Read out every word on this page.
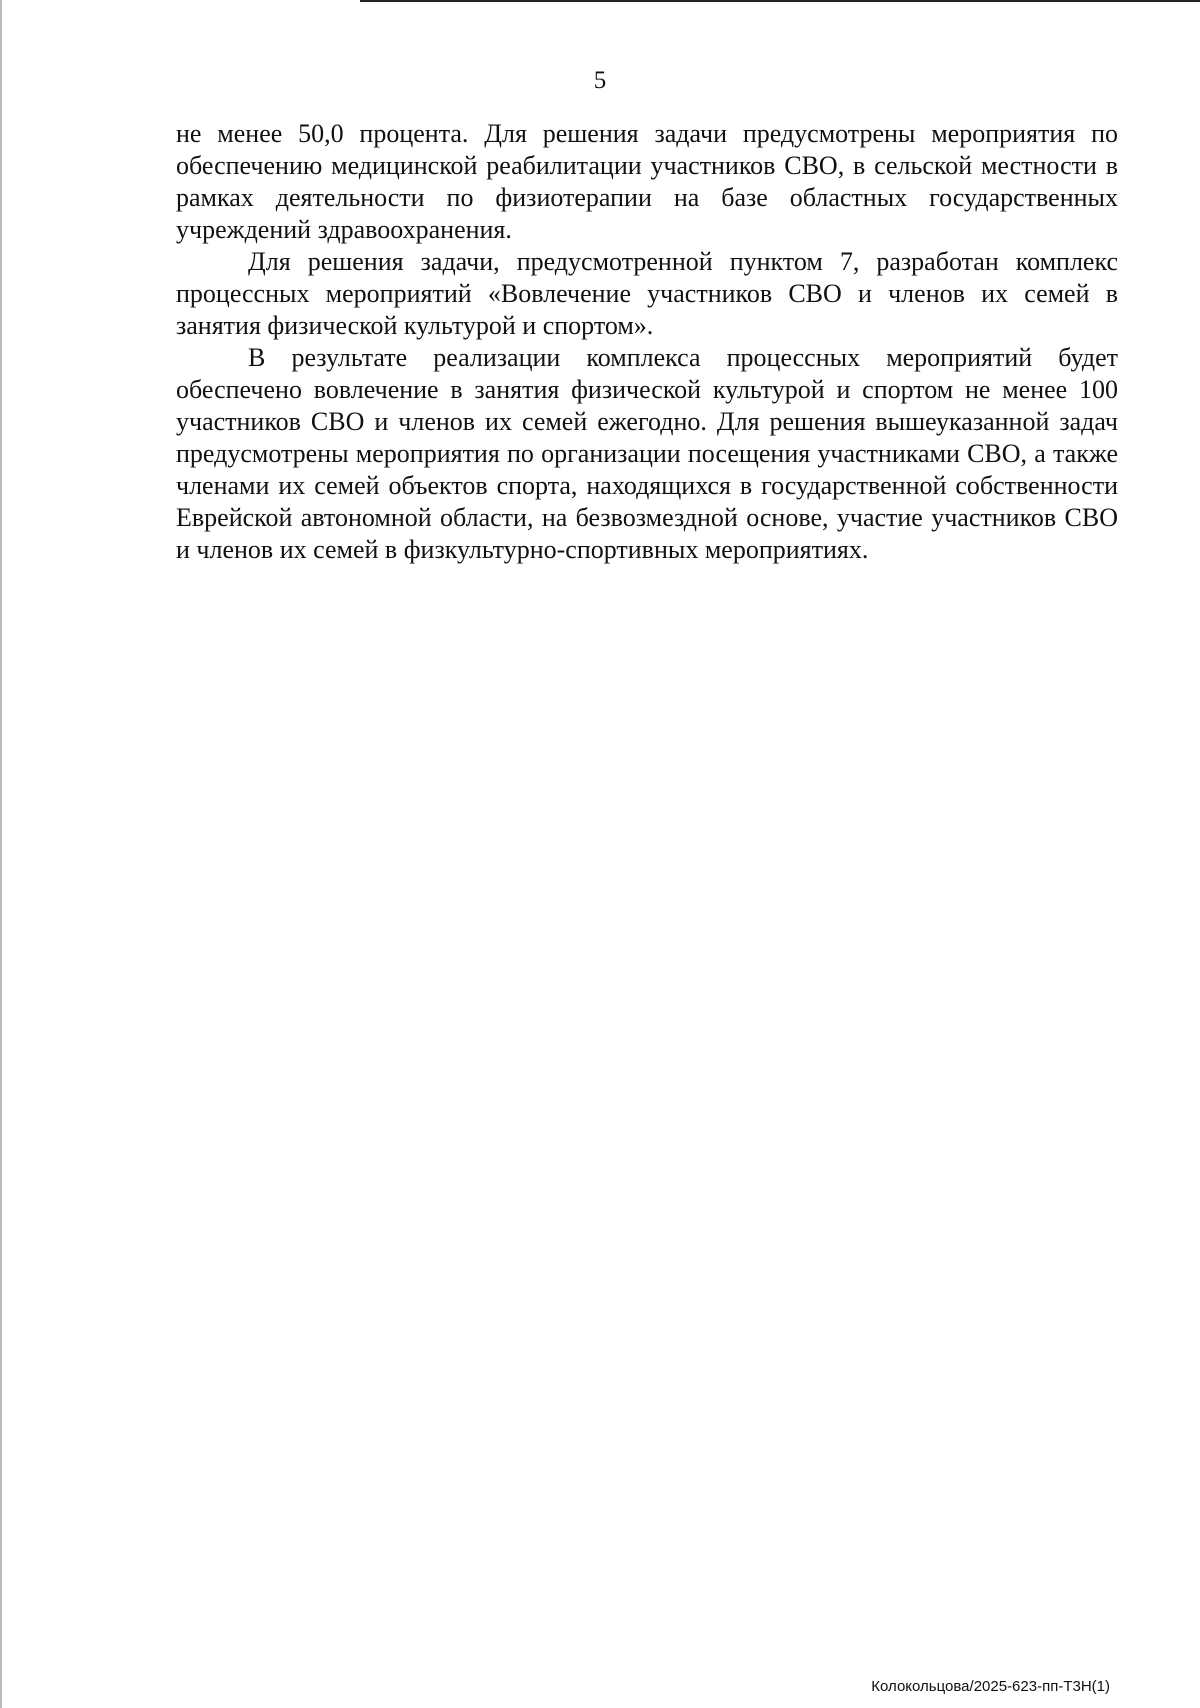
5

не менее 50,0 процента. Для решения задачи предусмотрены мероприятия по обеспечению медицинской реабилитации участников СВО, в сельской местности в рамках деятельности по физиотерапии на базе областных государственных учреждений здравоохранения.

Для решения задачи, предусмотренной пунктом 7, разработан комплекс процессных мероприятий «Вовлечение участников СВО и членов их семей в занятия физической культурой и спортом».

В результате реализации комплекса процессных мероприятий будет обеспечено вовлечение в занятия физической культурой и спортом не менее 100 участников СВО и членов их семей ежегодно. Для решения вышеуказанной задач предусмотрены мероприятия по организации посещения участниками СВО, а также членами их семей объектов спорта, находящихся в государственной собственности Еврейской автономной области, на безвозмездной основе, участие участников СВО и членов их семей в физкультурно-спортивных мероприятиях.

Колокольцова/2025-623-пп-Т3Н(1)
